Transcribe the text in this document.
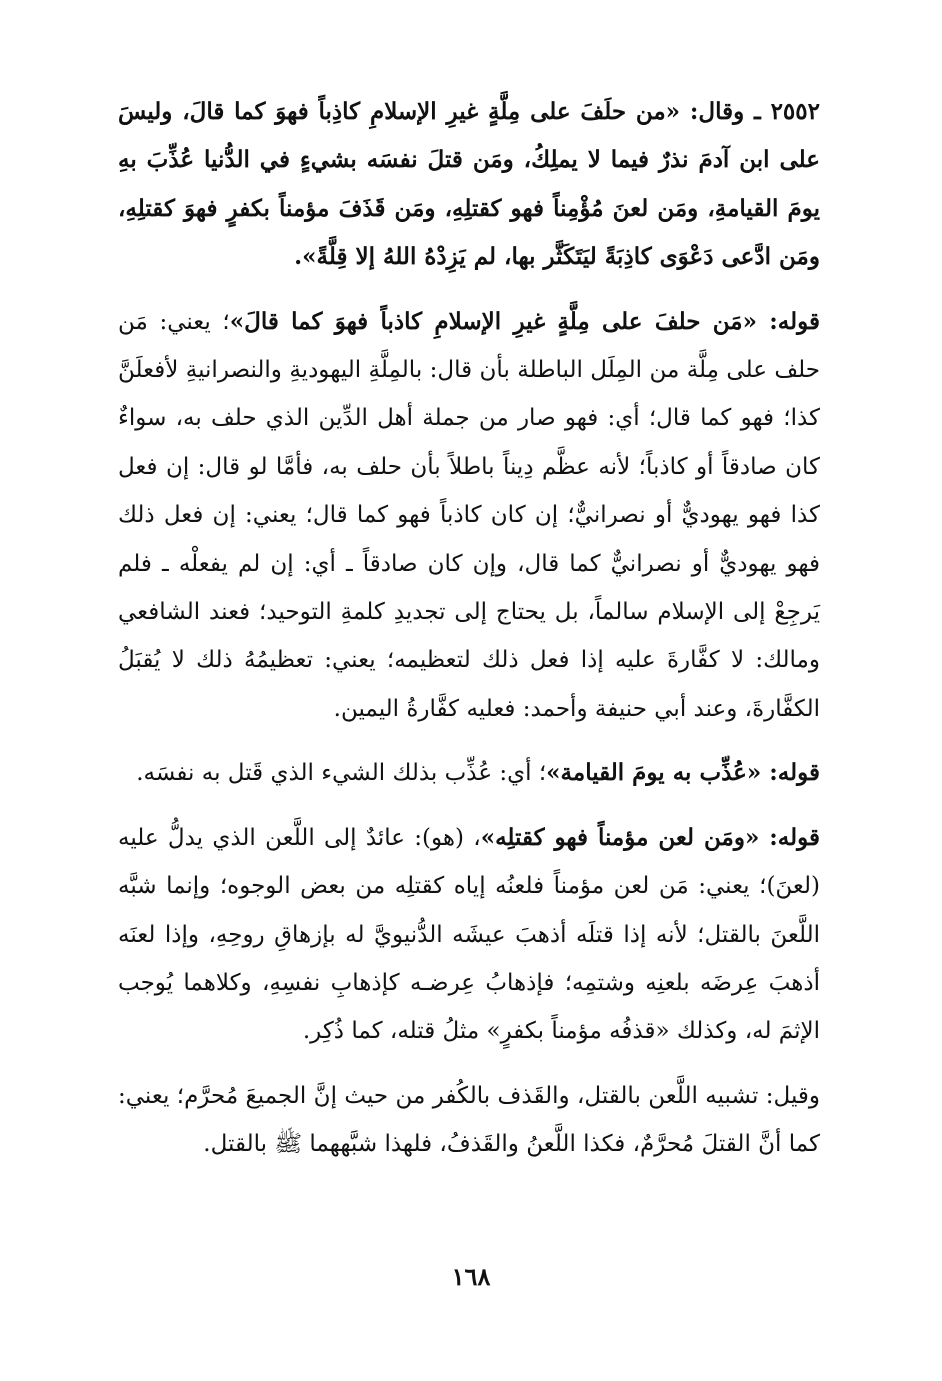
٢٥٥٢ ـ وقال: «من حلَفَ على مِلَّةٍ غيرِ الإسلامِ كاذِباً فهوَ كما قالَ، وليسَ على ابن آدمَ نذرٌ فيما لا يملِكُ، ومَن قتلَ نفسَه بشيءٍ في الدُّنيا عُذِّبَ بهِ يومَ القيامةِ، ومَن لعنَ مُؤْمِناً فهو كقتلِهِ، ومَن قَذَفَ مؤمناً بكفرٍ فهوَ كقتلِهِ، ومَن ادَّعى دَعْوَى كاذِبَةً ليَتَكَثَّر بها، لم يَزِدْهُ اللهُ إلا قِلَّةً».

قوله: «مَن حلفَ على مِلَّةٍ غيرِ الإسلامِ كاذباً فهوَ كما قالَ»؛ يعني: مَن حلف على مِلَّة من المِلَل الباطلة بأن قال: بالمِلَّةِ اليهوديةِ والنصرانيةِ لأفعلَنَّ كذا؛ فهو كما قال؛ أي: فهو صار من جملة أهل الدِّين الذي حلف به، سواءٌ كان صادقاً أو كاذباً؛ لأنه عظَّم دِيناً باطلاً بأن حلف به، فأمَّا لو قال: إن فعل كذا فهو يهوديٌّ أو نصرانيٌّ؛ إن كان كاذباً فهو كما قال؛ يعني: إن فعل ذلك فهو يهوديٌّ أو نصرانيٌّ كما قال، وإن كان صادقاً ـ أي: إن لم يفعلْه ـ فلم يَرجِعْ إلى الإسلام سالماً، بل يحتاج إلى تجديدِ كلمةِ التوحيد؛ فعند الشافعي ومالك: لا كفَّارةَ عليه إذا فعل ذلك لتعظيمه؛ يعني: تعظيمُهُ ذلك لا يُقبَلُ الكفَّارةَ، وعند أبي حنيفة وأحمد: فعليه كفَّارةُ اليمين.

قوله: «عُذِّب به يومَ القيامة»؛ أي: عُذِّب بذلك الشيء الذي قَتل به نفسَه.

قوله: «ومَن لعن مؤمناً فهو كقتلِه»، (هو): عائدٌ إلى اللَّعن الذي يدلُّ عليه (لعنَ)؛ يعني: مَن لعن مؤمناً فلعنُه إياه كقتلِه من بعض الوجوه؛ وإنما شبَّه اللَّعنَ بالقتل؛ لأنه إذا قتلَه أذهبَ عيشَه الدُّنيويَّ له بإزهاقِ روحِهِ، وإذا لعنَه أذهبَ عِرضَه بلعنِه وشتمِه؛ فإذهابُ عِرضـه كإذهابِ نفسِهِ، وكلاهما يُوجب الإثمَ له، وكذلك «قذفُه مؤمناً بكفرٍ» مثلُ قتله، كما ذُكِر.

وقيل: تشبيه اللَّعن بالقتل، والقَذف بالكُفر من حيث إنَّ الجميعَ مُحرَّم؛ يعني: كما أنَّ القتلَ مُحرَّمٌ، فكذا اللَّعنُ والقَذفُ، فلهذا شبَّههما ﷺ بالقتل.

١٦٨
